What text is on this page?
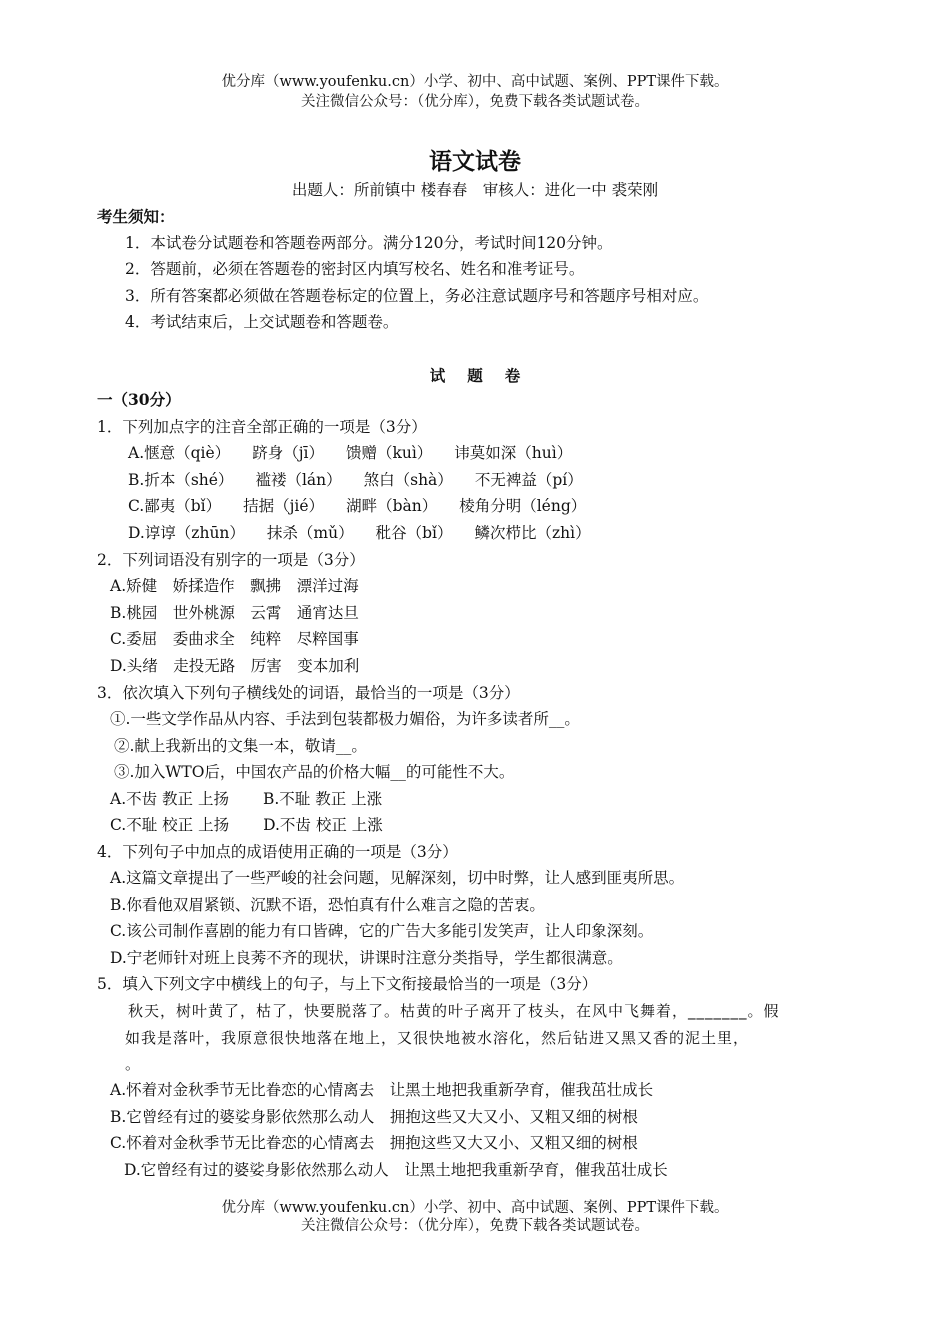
优分库（www.youfenku.cn）小学、初中、高中试题、案例、PPT课件下载。
关注微信公众号：（优分库），免费下载各类试题试卷。
语文试卷
出题人：所前镇中 楼春春　审核人：进化一中 裘荣刚
考生须知：
1．本试卷分试题卷和答题卷两部分。满分120分，考试时间120分钟。
2．答题前，必须在答题卷的密封区内填写校名、姓名和准考证号。
3．所有答案都必须做在答题卷标定的位置上，务必注意试题序号和答题序号相对应。
4．考试结束后，上交试题卷和答题卷。
试题卷
一（30分）
1．下列加点字的注音全部正确的一项是（3分）
A.惬意（qiè） 跻身（jī） 馈赠（kuì） 讳莫如深（huì）
B.折本（shé） 褴褛（lán） 煞白（shà） 不无裨益（pí）
C.鄙夷（bǐ） 拮据（jié） 湖畔（bàn） 棱角分明（léng）
D.谆谆（zhūn） 抹杀（mǔ） 秕谷（bǐ） 鳞次栉比（zhì）
2．下列词语没有别字的一项是（3分）
A.矫健　娇揉造作　飘拂　漂洋过海
B.桃园　世外桃源　云霄　通宵达旦
C.委屈　委曲求全　纯粹　尽粹国事
D.头绪　走投无路　厉害　变本加利
3．依次填入下列句子横线处的词语，最恰当的一项是（3分）
①.一些文学作品从内容、手法到包装都极力媚俗，为许多读者所__。
②.献上我新出的文集一本，敬请__。
③.加入WTO后，中国农产品的价格大幅__的可能性不大。
A.不齿 教正 上扬 B.不耻 教正 上涨
C.不耻 校正 上扬 D.不齿 校正 上涨
4．下列句子中加点的成语使用正确的一项是（3分）
A.这篇文章提出了一些严峻的社会问题，见解深刻，切中时弊，让人感到匪夷所思。
B.你看他双眉紧锁、沉默不语，恐怕真有什么难言之隐的苦衷。
C.该公司制作喜剧的能力有口皆碑，它的广告大多能引发笑声，让人印象深刻。
D.宁老师针对班上良莠不齐的现状，讲课时注意分类指导，学生都很满意。
5．填入下列文字中横线上的句子，与上下文衔接最恰当的一项是（3分）
秋天，树叶黄了，枯了，快要脱落了。枯黄的叶子离开了枝头，在风中飞舞着，_______。假
如我是落叶，我原意很快地落在地上，又很快地被水溶化，然后钻进又黑又香的泥土里，
。
A.怀着对金秋季节无比眷恋的心情离去　让黑土地把我重新孕育，催我茁壮成长
B.它曾经有过的婆娑身影依然那么动人　拥抱这些又大又小、又粗又细的树根
C.怀着对金秋季节无比眷恋的心情离去　拥抱这些又大又小、又粗又细的树根
D.它曾经有过的婆娑身影依然那么动人　让黑土地把我重新孕育，催我茁壮成长
优分库（www.youfenku.cn）小学、初中、高中试题、案例、PPT课件下载。
关注微信公众号：（优分库），免费下载各类试题试卷。
